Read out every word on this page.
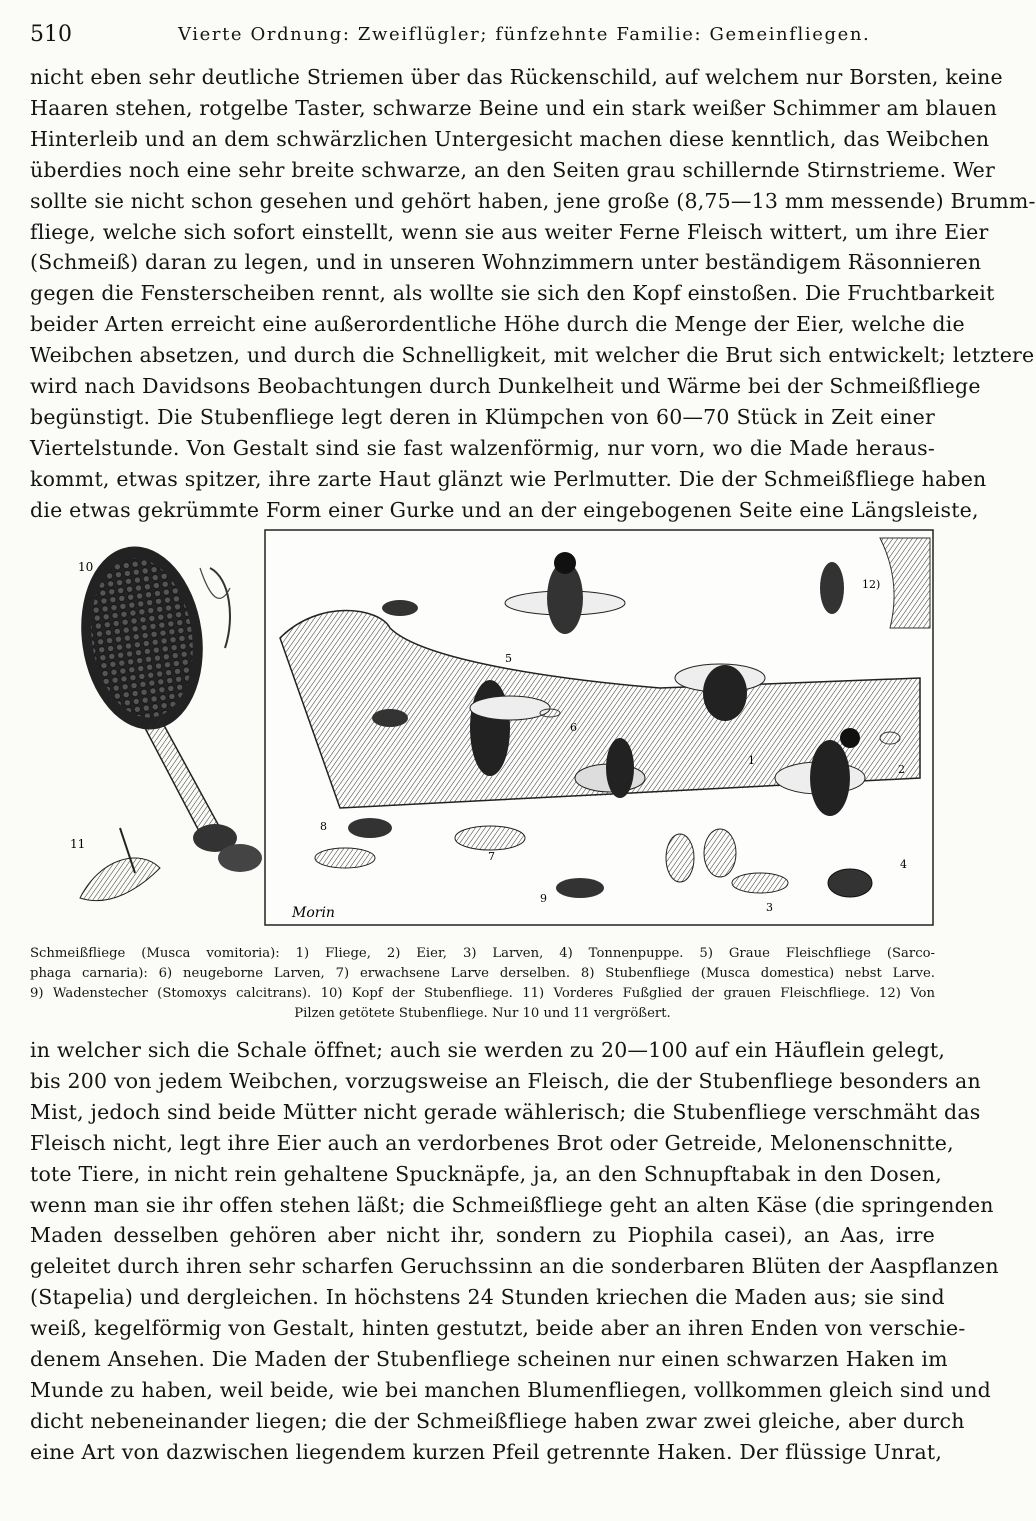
510	Vierte Ordnung: Zweiflügler; fünfzehnte Familie: Gemeinfliegen.
nicht eben sehr deutliche Striemen über das Rückenschild, auf welchem nur Borsten, keine
Haaren stehen, rotgelbe Taster, schwarze Beine und ein stark weißer Schimmer am blauen
Hinterleib und an dem schwärzlichen Untergesicht machen diese kenntlich, das Weibchen
überdies noch eine sehr breite schwarze, an den Seiten grau schillernde Stirnstrieme. Wer
sollte sie nicht schon gesehen und gehört haben, jene große (8,75—13 mm messende) Brumm-
fliege, welche sich sofort einstellt, wenn sie aus weiter Ferne Fleisch wittert, um ihre Eier
(Schmeiß) daran zu legen, und in unseren Wohnzimmern unter beständigem Räsonnieren
gegen die Fensterscheiben rennt, als wollte sie sich den Kopf einstoßen. Die Fruchtbarkeit
beider Arten erreicht eine außerordentliche Höhe durch die Menge der Eier, welche die
Weibchen absetzen, und durch die Schnelligkeit, mit welcher die Brut sich entwickelt; letztere
wird nach Davidsons Beobachtungen durch Dunkelheit und Wärme bei der Schmeißfliege
begünstigt. Die Stubenfliege legt deren in Klümpchen von 60—70 Stück in Zeit einer
Viertelstunde. Von Gestalt sind sie fast walzenförmig, nur vorn, wo die Made heraus-
kommt, etwas spitzer, ihre zarte Haut glänzt wie Perlmutter. Die der Schmeißfliege haben
die etwas gekrümmte Form einer Gurke und an der eingebogenen Seite eine Längsleiste,
10
11
5
12)
6
1
2
8
7
9
3
4
Morin
Schmeißfliege (Musca vomitoria): 1) Fliege, 2) Eier, 3) Larven, 4) Tonnenpuppe. 5) Graue Fleischfliege (Sarco-
phaga carnaria): 6) neugeborne Larven, 7) erwachsene Larve derselben. 8) Stubenfliege (Musca domestica) nebst Larve.
9) Wadenstecher (Stomoxys calcitrans). 10) Kopf der Stubenfliege. 11) Vorderes Fußglied der grauen Fleischfliege. 12) Von
Pilzen getötete Stubenfliege. Nur 10 und 11 vergrößert.
in welcher sich die Schale öffnet; auch sie werden zu 20—100 auf ein Häuflein gelegt,
bis 200 von jedem Weibchen, vorzugsweise an Fleisch, die der Stubenfliege besonders an
Mist, jedoch sind beide Mütter nicht gerade wählerisch; die Stubenfliege verschmäht das
Fleisch nicht, legt ihre Eier auch an verdorbenes Brot oder Getreide, Melonenschnitte,
tote Tiere, in nicht rein gehaltene Spucknäpfe, ja, an den Schnupftabak in den Dosen,
wenn man sie ihr offen stehen läßt; die Schmeißfliege geht an alten Käse (die springenden
Maden desselben gehören aber nicht ihr, sondern zu Piophila casei), an Aas, irre
geleitet durch ihren sehr scharfen Geruchssinn an die sonderbaren Blüten der Aaspflanzen
(Stapelia) und dergleichen. In höchstens 24 Stunden kriechen die Maden aus; sie sind
weiß, kegelförmig von Gestalt, hinten gestutzt, beide aber an ihren Enden von verschie-
denem Ansehen. Die Maden der Stubenfliege scheinen nur einen schwarzen Haken im
Munde zu haben, weil beide, wie bei manchen Blumenfliegen, vollkommen gleich sind und
dicht nebeneinander liegen; die der Schmeißfliege haben zwar zwei gleiche, aber durch
eine Art von dazwischen liegendem kurzen Pfeil getrennte Haken. Der flüssige Unrat,
